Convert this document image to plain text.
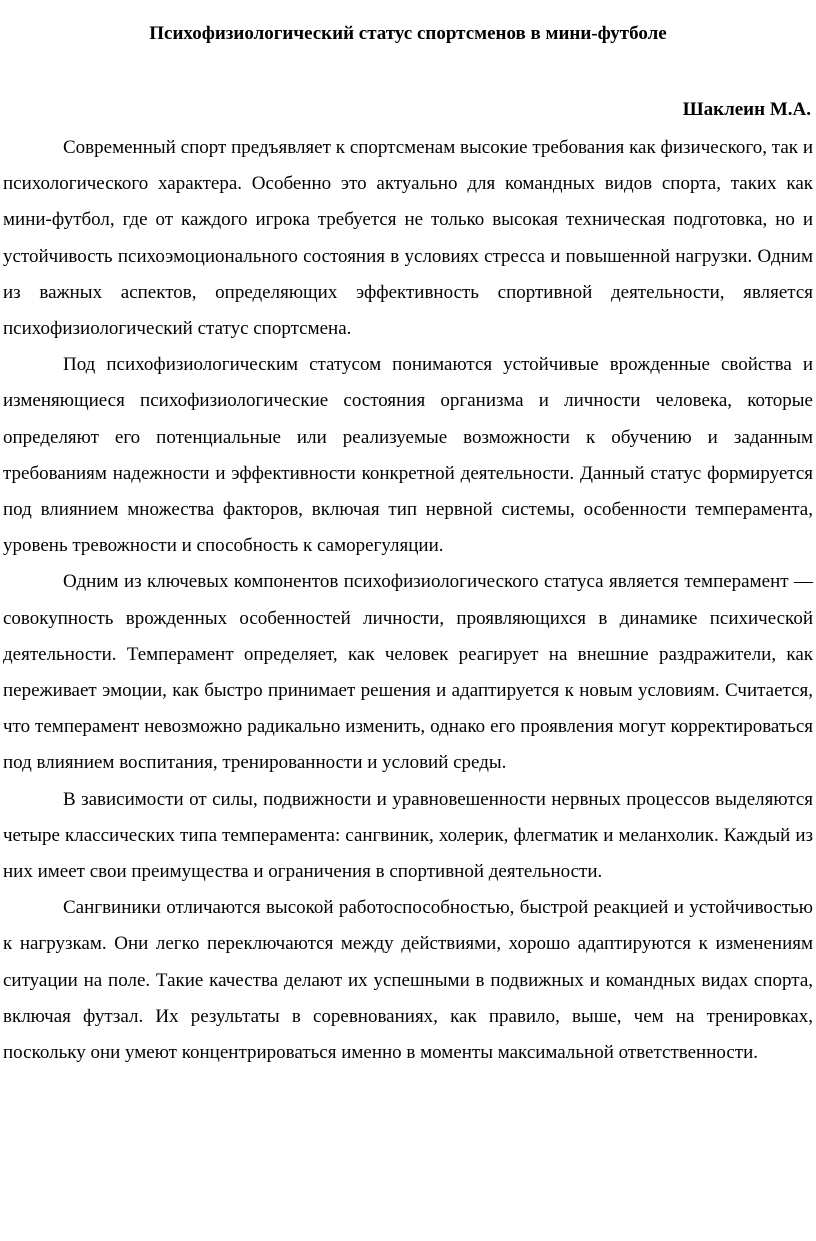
Психофизиологический статус спортсменов в мини-футболе
Шаклеин М.А.

Современный спорт предъявляет к спортсменам высокие требования как физического, так и психологического характера. Особенно это актуально для командных видов спорта, таких как мини-футбол, где от каждого игрока требуется не только высокая техническая подготовка, но и устойчивость психоэмоционального состояния в условиях стресса и повышенной нагрузки. Одним из важных аспектов, определяющих эффективность спортивной деятельности, является психофизиологический статус спортсмена.

Под психофизиологическим статусом понимаются устойчивые врожденные свойства и изменяющиеся психофизиологические состояния организма и личности человека, которые определяют его потенциальные или реализуемые возможности к обучению и заданным требованиям надежности и эффективности конкретной деятельности. Данный статус формируется под влиянием множества факторов, включая тип нервной системы, особенности темперамента, уровень тревожности и способность к саморегуляции.

Одним из ключевых компонентов психофизиологического статуса является темперамент — совокупность врожденных особенностей личности, проявляющихся в динамике психической деятельности. Темперамент определяет, как человек реагирует на внешние раздражители, как переживает эмоции, как быстро принимает решения и адаптируется к новым условиям. Считается, что темперамент невозможно радикально изменить, однако его проявления могут корректироваться под влиянием воспитания, тренированности и условий среды.

В зависимости от силы, подвижности и уравновешенности нервных процессов выделяются четыре классических типа темперамента: сангвиник, холерик, флегматик и меланхолик. Каждый из них имеет свои преимущества и ограничения в спортивной деятельности.

Сангвиники отличаются высокой работоспособностью, быстрой реакцией и устойчивостью к нагрузкам. Они легко переключаются между действиями, хорошо адаптируются к изменениям ситуации на поле. Такие качества делают их успешными в подвижных и командных видах спорта, включая футзал. Их результаты в соревнованиях, как правило, выше, чем на тренировках, поскольку они умеют концентрироваться именно в моменты максимальной ответственности.
